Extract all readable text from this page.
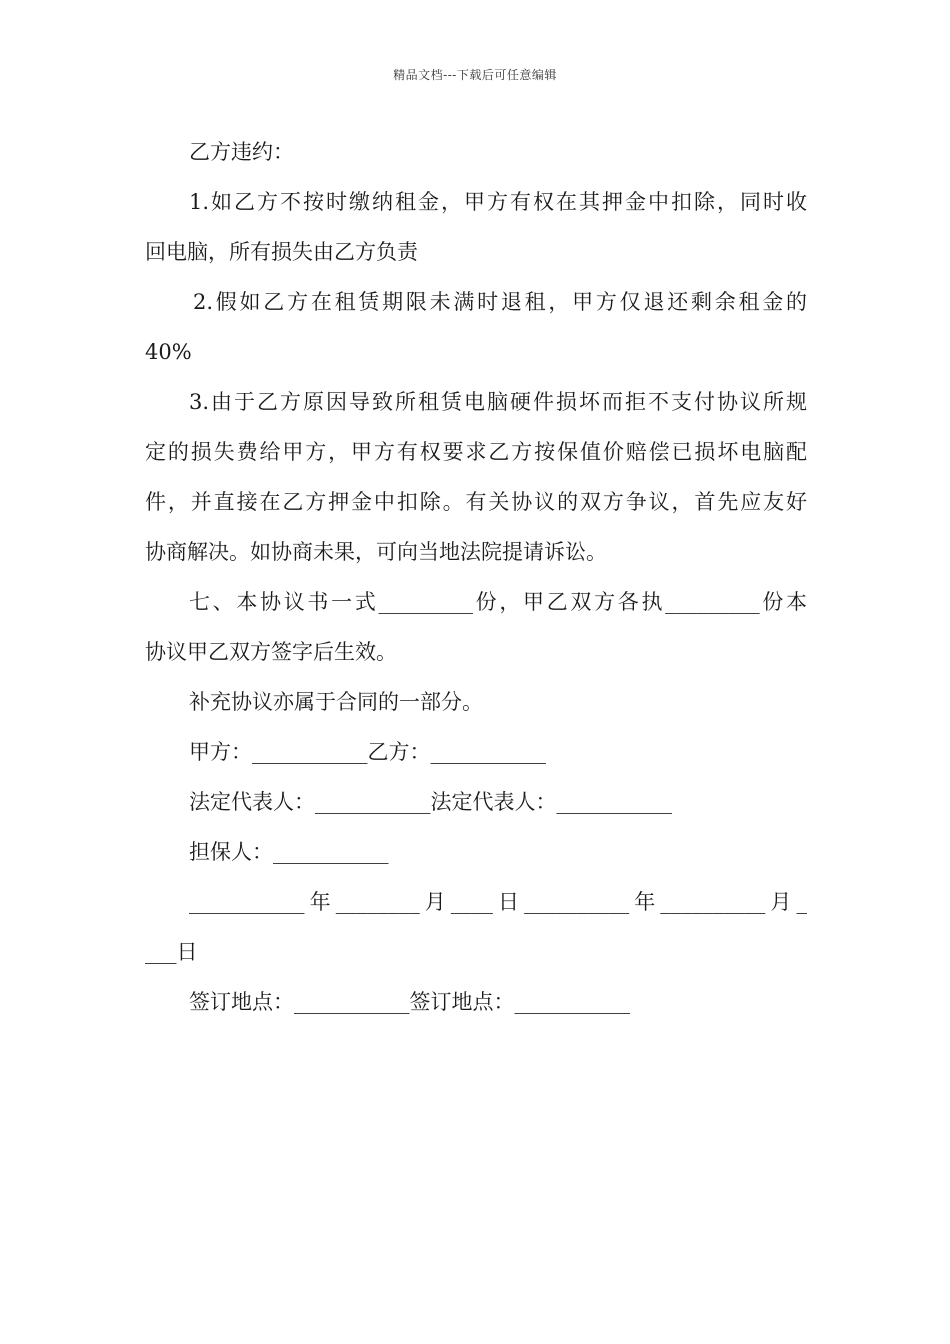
精品文档---下载后可任意编辑
乙方违约：
1.如乙方不按时缴纳租金，甲方有权在其押金中扣除，同时收
回电脑，所有损失由乙方负责
2.假如乙方在租赁期限未满时退租，甲方仅退还剩余租金的
40%
3.由于乙方原因导致所租赁电脑硬件损坏而拒不支付协议所规
定的损失费给甲方，甲方有权要求乙方按保值价赔偿已损坏电脑配
件，并直接在乙方押金中扣除。有关协议的双方争议，首先应友好
协商解决。如协商未果，可向当地法院提请诉讼。
七、本协议书一式_________份，甲乙双方各执_________份本
协议甲乙双方签字后生效。
补充协议亦属于合同的一部分。
甲方：___________乙方：___________
法定代表人：___________法定代表人：___________
担保人：___________
___________年________月____日__________年__________月_
___日
签订地点：___________签订地点：___________
